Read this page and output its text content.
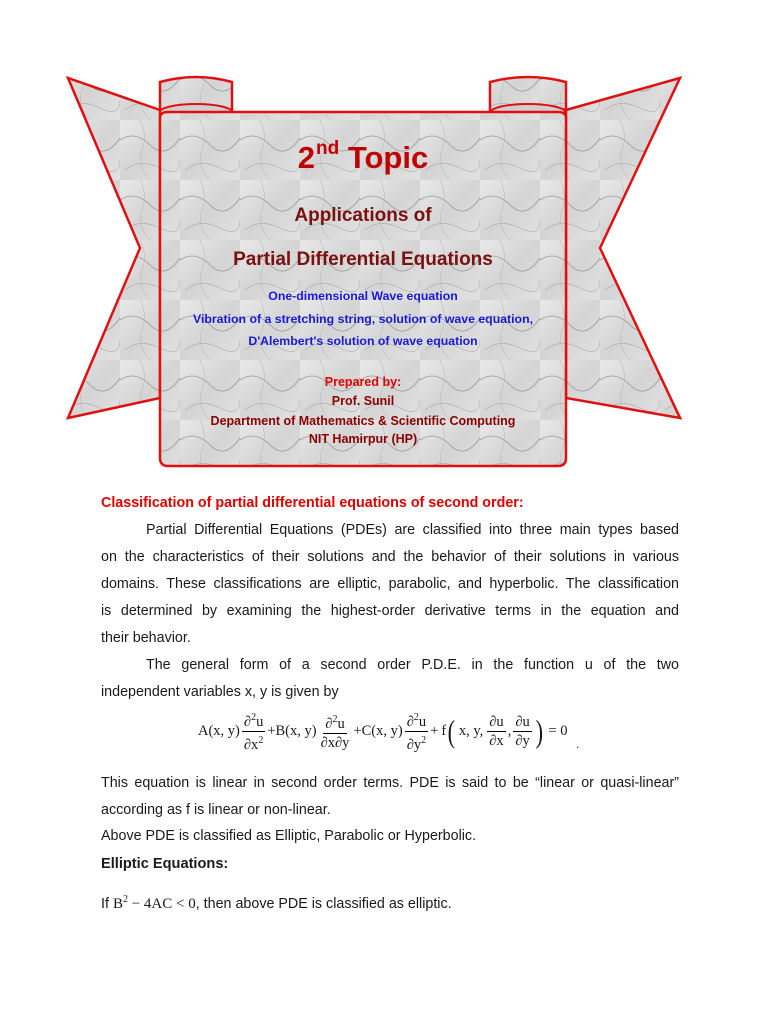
2nd Topic
Applications of
Partial Differential Equations
One-dimensional Wave equation
Vibration of a stretching string, solution of wave equation,
D'Alembert's solution of wave equation
Prepared by:
Prof. Sunil
Department of Mathematics & Scientific Computing
NIT Hamirpur (HP)
Classification of partial differential equations of second order:
Partial Differential Equations (PDEs) are classified into three main types based
on the characteristics of their solutions and the behavior of their solutions in various
domains. These classifications are elliptic, parabolic, and hyperbolic. The classification
is determined by examining the highest-order derivative terms in the equation and
their behavior.
The general form of a second order P.D.E. in the function u of the two
independent variables x, y is given by
A(x, $y) \frac{\partial^2u}{\partial x^2} + B(x$, $y) \frac{\partial^2u}{\partial x\partial y} + C(x$, $y) \frac{\partial^2u}{\partial y^2} + f$ ( x, y, $\frac{\partial u}{\partial x}$ , $\frac{\partial u}{\partial y}$ ) = 0
.
This equation is linear in second order terms. PDE is said to be “linear or quasi-linear”
according as f is linear or non-linear.
Above PDE is classified as Elliptic, Parabolic or Hyperbolic.
Elliptic Equations:
If $B^2 - 4AC < 0$, then above PDE is classified as elliptic.
